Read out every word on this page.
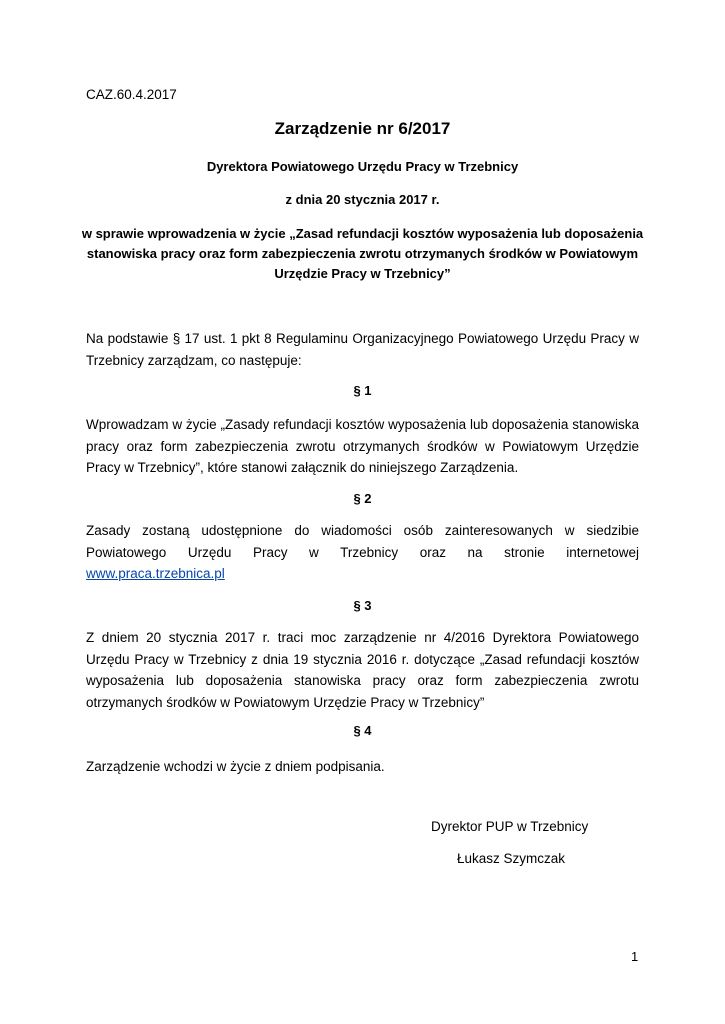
CAZ.60.4.2017
Zarządzenie nr 6/2017
Dyrektora Powiatowego Urzędu Pracy w Trzebnicy
z dnia 20 stycznia 2017 r.
w sprawie wprowadzenia w życie „Zasad refundacji kosztów wyposażenia lub doposażenia stanowiska pracy oraz form zabezpieczenia zwrotu otrzymanych środków w Powiatowym Urzędzie Pracy w Trzebnicy”
Na podstawie § 17 ust. 1 pkt 8 Regulaminu Organizacyjnego Powiatowego Urzędu Pracy w Trzebnicy zarządzam, co następuje:
§ 1
Wprowadzam w życie „Zasady refundacji kosztów wyposażenia lub doposażenia stanowiska pracy oraz form zabezpieczenia zwrotu otrzymanych środków w Powiatowym Urzędzie Pracy w Trzebnicy”, które stanowi załącznik do niniejszego Zarządzenia.
§ 2
Zasady zostaną udostępnione do wiadomości osób zainteresowanych w siedzibie Powiatowego Urzędu Pracy w Trzebnicy oraz na stronie internetowej www.praca.trzebnica.pl
§ 3
Z dniem 20 stycznia 2017 r. traci moc zarządzenie nr 4/2016 Dyrektora Powiatowego Urzędu Pracy w Trzebnicy z dnia 19 stycznia 2016 r. dotyczące „Zasad refundacji kosztów wyposażenia lub doposażenia stanowiska pracy oraz form zabezpieczenia zwrotu otrzymanych środków w Powiatowym Urzędzie Pracy w Trzebnicy”
§ 4
Zarządzenie wchodzi w życie z dniem podpisania.
Dyrektor PUP w Trzebnicy
Łukasz Szymczak
1
